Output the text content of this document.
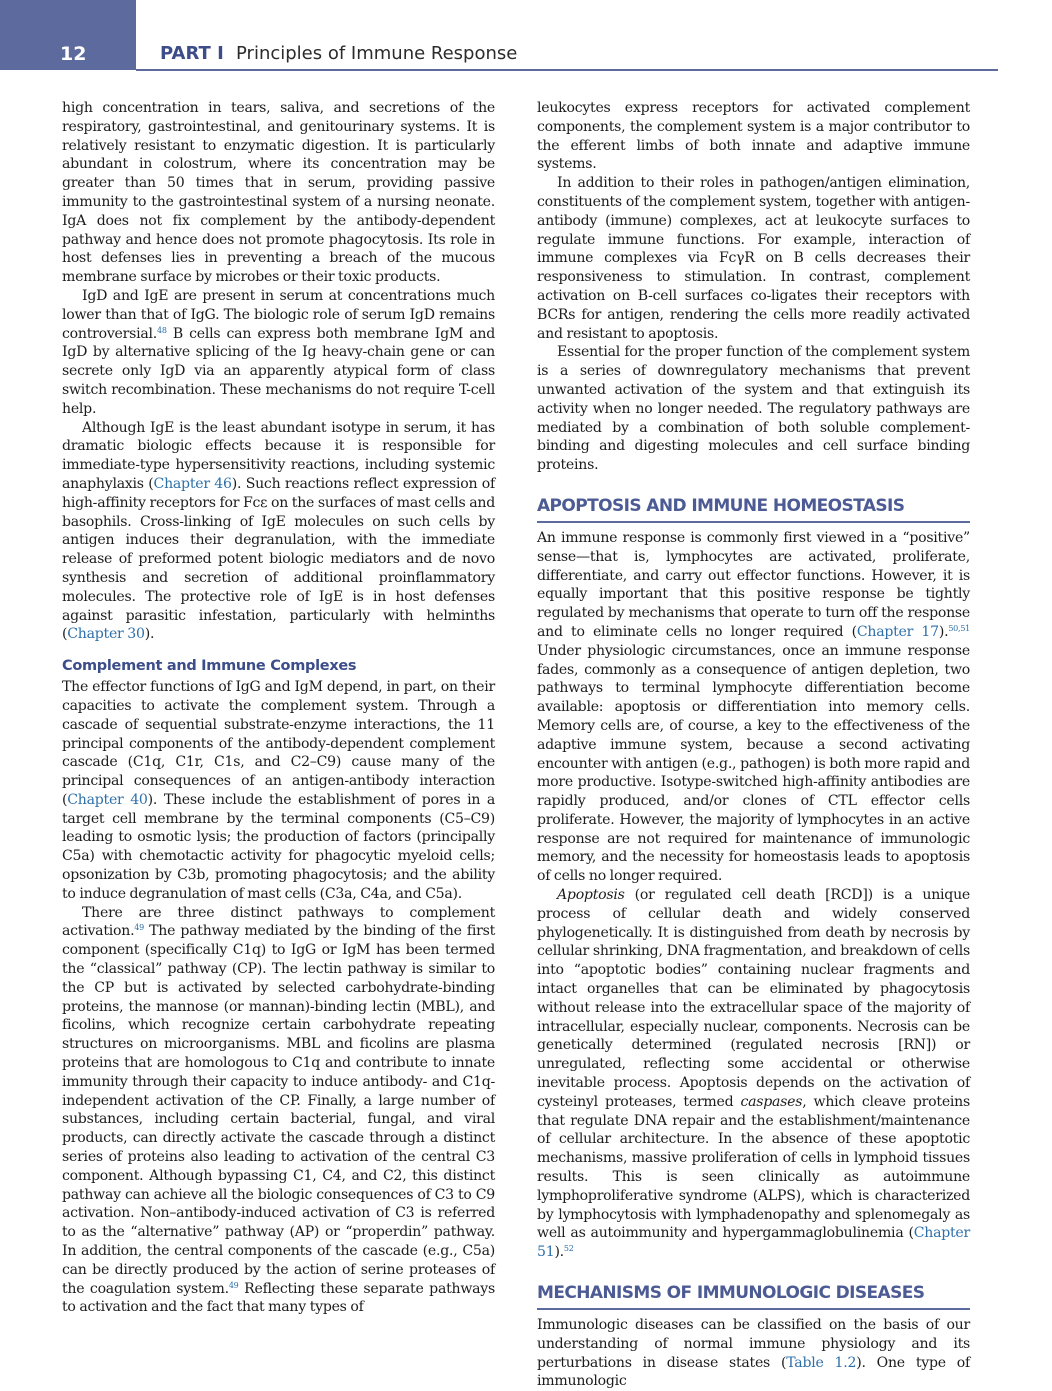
12	PART I Principles of Immune Response

high concentration in tears, saliva, and secretions of the respiratory, gastrointestinal, and genitourinary systems. It is relatively resistant to enzymatic digestion. It is particularly abundant in colostrum, where its concentration may be greater than 50 times that in serum, providing passive immunity to the gastrointestinal system of a nursing neonate. IgA does not fix complement by the antibody-dependent pathway and hence does not promote phagocytosis. Its role in host defenses lies in preventing a breach of the mucous membrane surface by microbes or their toxic products.

IgD and IgE are present in serum at concentrations much lower than that of IgG. The biologic role of serum IgD remains controversial.$^{48}$ B cells can express both membrane IgM and IgD by alternative splicing of the Ig heavy-chain gene or can secrete only IgD via an apparently atypical form of class switch recombination. These mechanisms do not require T-cell help.

Although IgE is the least abundant isotype in serum, it has dramatic biologic effects because it is responsible for immediate-type hypersensitivity reactions, including systemic anaphylaxis (Chapter 46). Such reactions reflect expression of high-affinity receptors for Fcε on the surfaces of mast cells and basophils. Cross-linking of IgE molecules on such cells by antigen induces their degranulation, with the immediate release of preformed potent biologic mediators and de novo synthesis and secretion of additional proinflammatory molecules. The protective role of IgE is in host defenses against parasitic infestation, particularly with helminths (Chapter 30).

Complement and Immune Complexes

The effector functions of IgG and IgM depend, in part, on their capacities to activate the complement system. Through a cascade of sequential substrate-enzyme interactions, the 11 principal components of the antibody-dependent complement cascade (C1q, C1r, C1s, and C2–C9) cause many of the principal consequences of an antigen-antibody interaction (Chapter 40). These include the establishment of pores in a target cell membrane by the terminal components (C5–C9) leading to osmotic lysis; the production of factors (principally C5a) with chemotactic activity for phagocytic myeloid cells; opsonization by C3b, promoting phagocytosis; and the ability to induce degranulation of mast cells (C3a, C4a, and C5a).

There are three distinct pathways to complement activation.$^{49}$ The pathway mediated by the binding of the first component (specifically C1q) to IgG or IgM has been termed the “classical” pathway (CP). The lectin pathway is similar to the CP but is activated by selected carbohydrate-binding proteins, the mannose (or mannan)-binding lectin (MBL), and ficolins, which recognize certain carbohydrate repeating structures on microorganisms. MBL and ficolins are plasma proteins that are homologous to C1q and contribute to innate immunity through their capacity to induce antibody- and C1q-independent activation of the CP. Finally, a large number of substances, including certain bacterial, fungal, and viral products, can directly activate the cascade through a distinct series of proteins also leading to activation of the central C3 component. Although bypassing C1, C4, and C2, this distinct pathway can achieve all the biologic consequences of C3 to C9 activation. Non–antibody-induced activation of C3 is referred to as the “alternative” pathway (AP) or “properdin” pathway. In addition, the central components of the cascade (e.g., C5a) can be directly produced by the action of serine proteases of the coagulation system.$^{49}$ Reflecting these separate pathways to activation and the fact that many types of

leukocytes express receptors for activated complement components, the complement system is a major contributor to the efferent limbs of both innate and adaptive immune systems.

In addition to their roles in pathogen/antigen elimination, constituents of the complement system, together with antigen-antibody (immune) complexes, act at leukocyte surfaces to regulate immune functions. For example, interaction of immune complexes via FcγR on B cells decreases their responsiveness to stimulation. In contrast, complement activation on B-cell surfaces co-ligates their receptors with BCRs for antigen, rendering the cells more readily activated and resistant to apoptosis.

Essential for the proper function of the complement system is a series of downregulatory mechanisms that prevent unwanted activation of the system and that extinguish its activity when no longer needed. The regulatory pathways are mediated by a combination of both soluble complement-binding and digesting molecules and cell surface binding proteins.

APOPTOSIS AND IMMUNE HOMEOSTASIS

An immune response is commonly first viewed in a “positive” sense—that is, lymphocytes are activated, proliferate, differentiate, and carry out effector functions. However, it is equally important that this positive response be tightly regulated by mechanisms that operate to turn off the response and to eliminate cells no longer required (Chapter 17).$^{50,51}$ Under physiologic circumstances, once an immune response fades, commonly as a consequence of antigen depletion, two pathways to terminal lymphocyte differentiation become available: apoptosis or differentiation into memory cells. Memory cells are, of course, a key to the effectiveness of the adaptive immune system, because a second activating encounter with antigen (e.g., pathogen) is both more rapid and more productive. Isotype-switched high-affinity antibodies are rapidly produced, and/or clones of CTL effector cells proliferate. However, the majority of lymphocytes in an active response are not required for maintenance of immunologic memory, and the necessity for homeostasis leads to apoptosis of cells no longer required.

Apoptosis (or regulated cell death [RCD]) is a unique process of cellular death and widely conserved phylogenetically. It is distinguished from death by necrosis by cellular shrinking, DNA fragmentation, and breakdown of cells into “apoptotic bodies” containing nuclear fragments and intact organelles that can be eliminated by phagocytosis without release into the extracellular space of the majority of intracellular, especially nuclear, components. Necrosis can be genetically determined (regulated necrosis [RN]) or unregulated, reflecting some accidental or otherwise inevitable process. Apoptosis depends on the activation of cysteinyl proteases, termed caspases, which cleave proteins that regulate DNA repair and the establishment/maintenance of cellular architecture. In the absence of these apoptotic mechanisms, massive proliferation of cells in lymphoid tissues results. This is seen clinically as autoimmune lymphoproliferative syndrome (ALPS), which is characterized by lymphocytosis with lymphadenopathy and splenomegaly as well as autoimmunity and hypergammaglobulinemia (Chapter 51).$^{52}$

MECHANISMS OF IMMUNOLOGIC DISEASES

Immunologic diseases can be classified on the basis of our understanding of normal immune physiology and its perturbations in disease states (Table 1.2). One type of immunologic
